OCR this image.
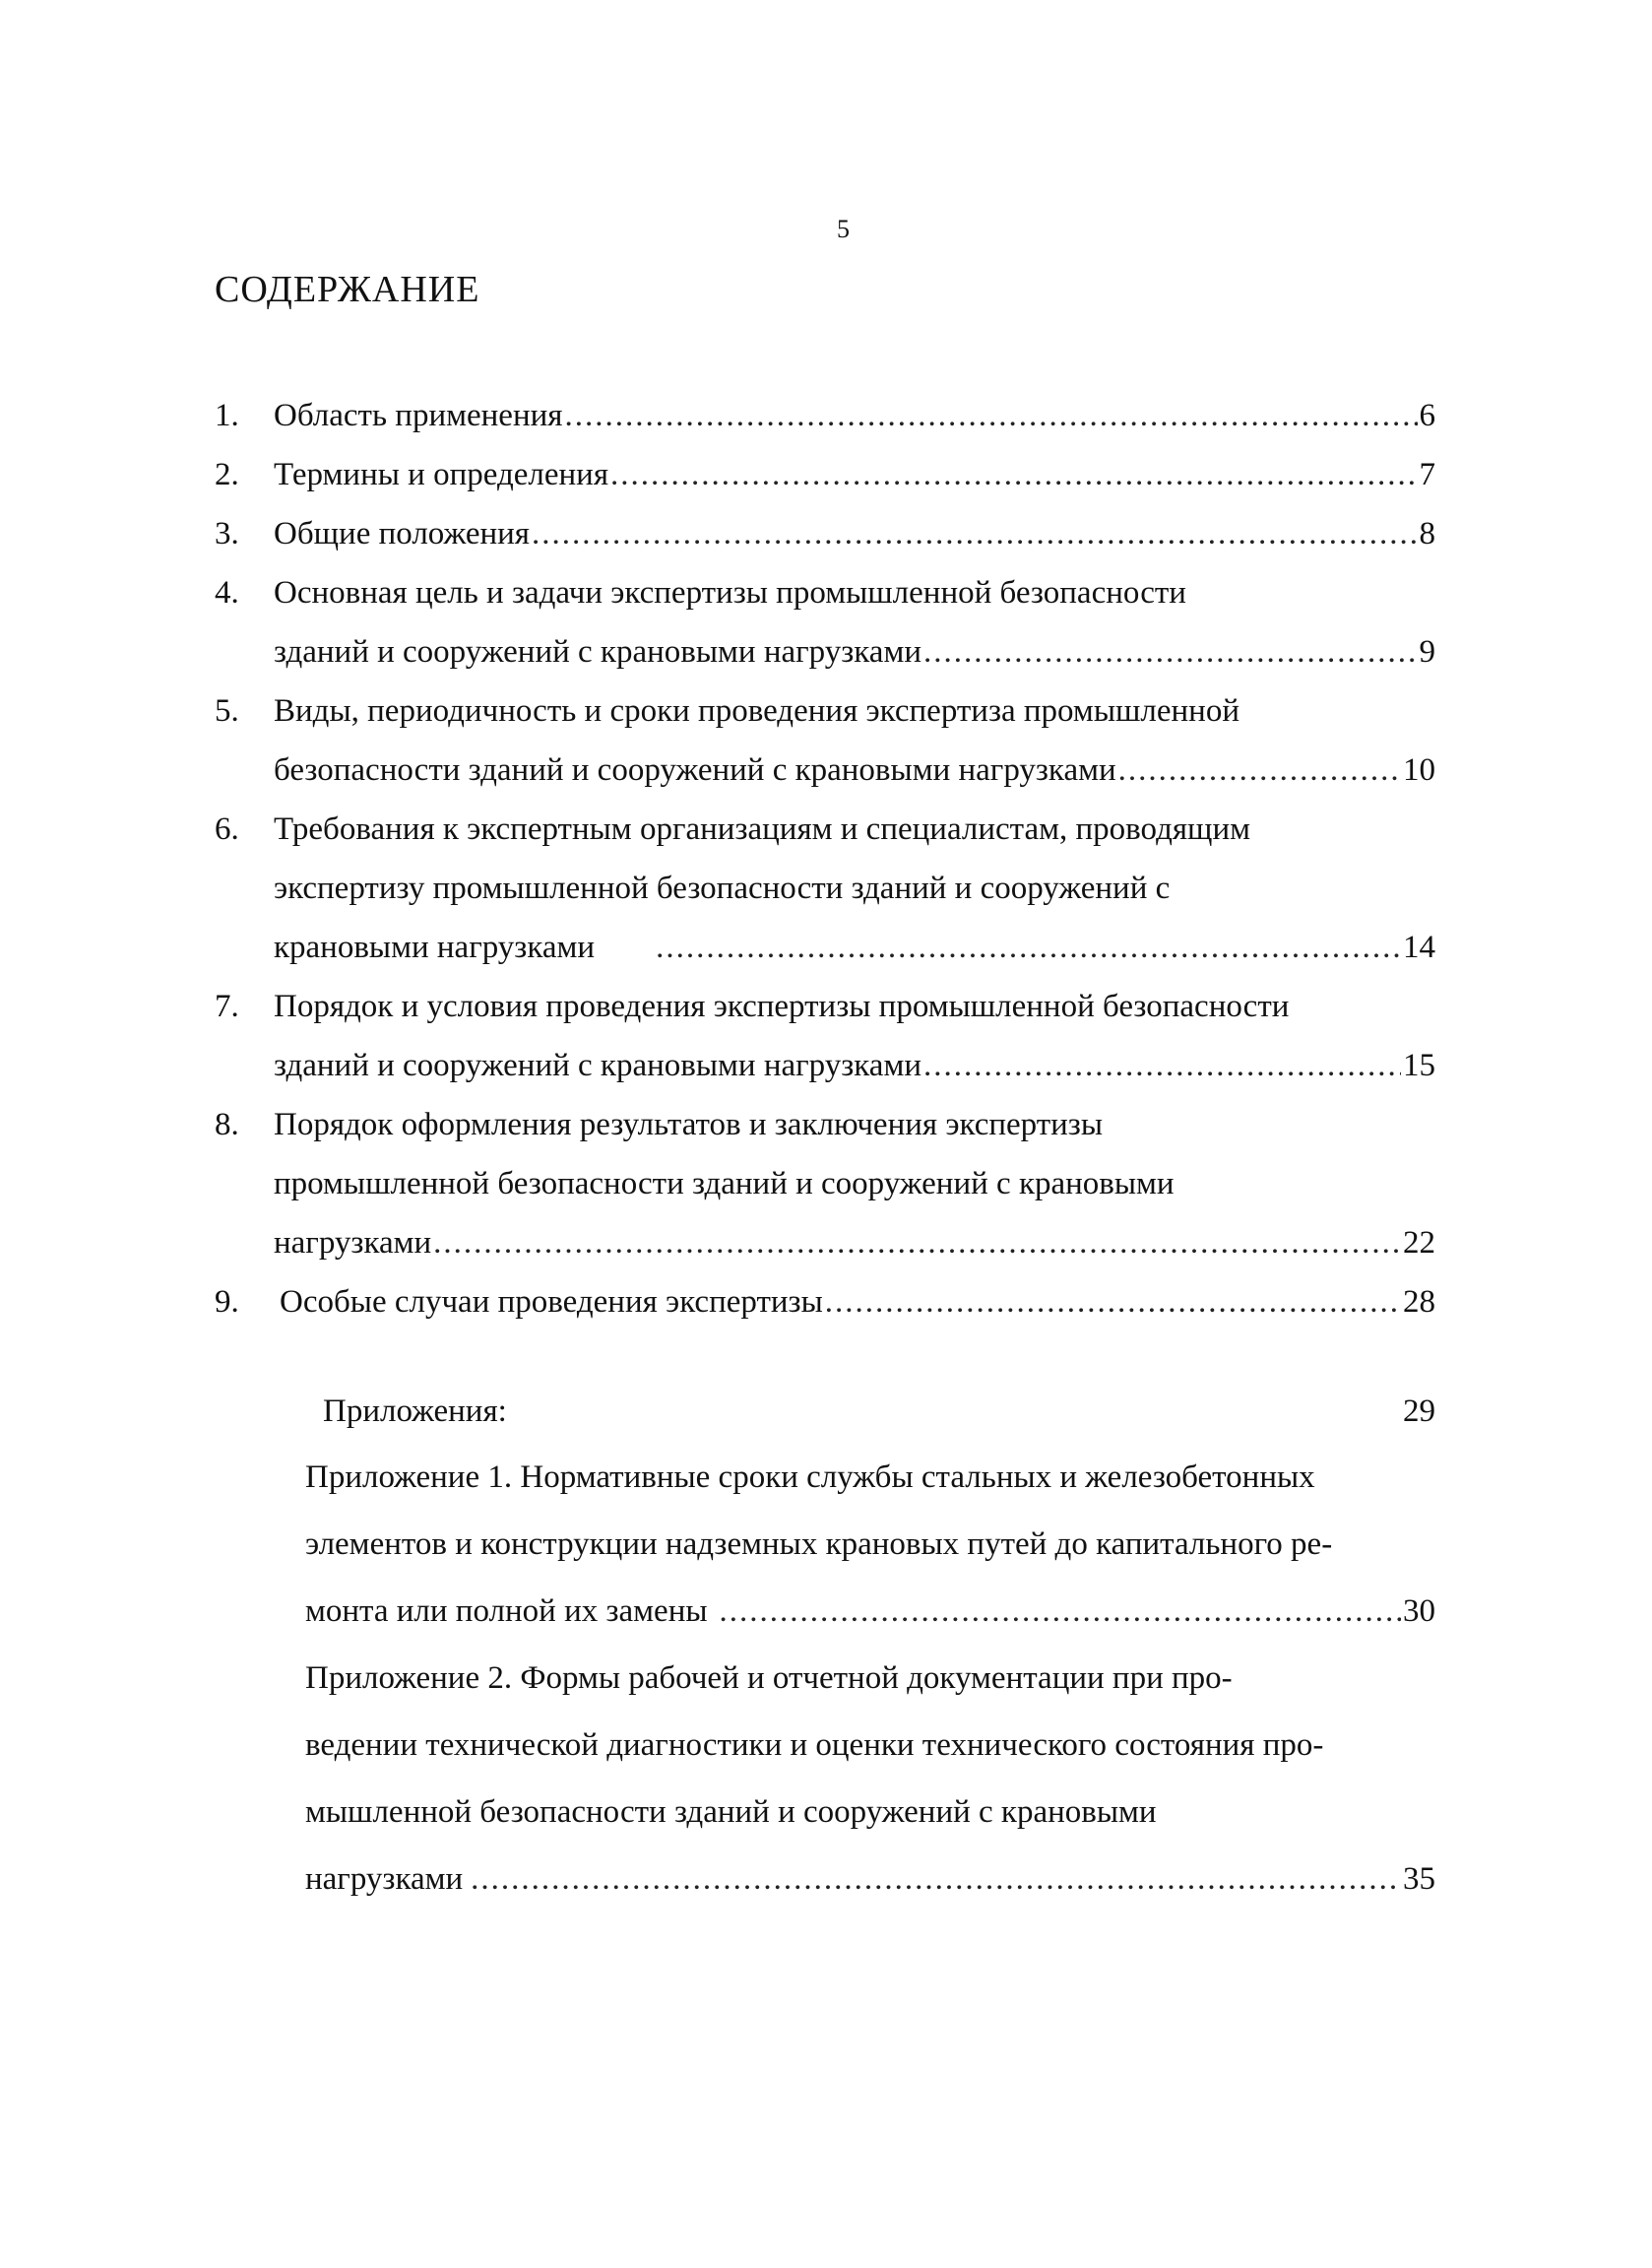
5
СОДЕРЖАНИЕ
1.	Область применения .....	6
2.	Термины и определения .....	7
3.	Общие положения .....	8
4.	Основная цель и задачи экспертизы промышленной безопасности
зданий и сооружений с крановыми нагрузками .....	9
5.	Виды, периодичность и сроки проведения экспертиза промышленной
безопасности зданий и сооружений с крановыми нагрузками .....	10
6.	Требования к экспертным организациям и специалистам, проводящим
экспертизу промышленной безопасности зданий и сооружений с
крановыми нагрузками .....	14
7.	Порядок и условия проведения экспертизы промышленной безопасности
зданий и сооружений с крановыми нагрузками .....	15
8.	Порядок оформления результатов и заключения экспертизы
промышленной безопасности зданий и сооружений с крановыми
нагрузками .....	22
9.	Особые случаи проведения экспертизы .....	28
Приложения:	29
Приложение 1. Нормативные сроки службы стальных и железобетонных
элементов и конструкции надземных крановых путей до капитального ре-
монта или полной их замены .....	30
Приложение 2. Формы рабочей и отчетной документации при про-
ведении технической диагностики и оценки технического состояния про-
мышленной безопасности зданий и сооружений с крановыми
нагрузками .....	35
